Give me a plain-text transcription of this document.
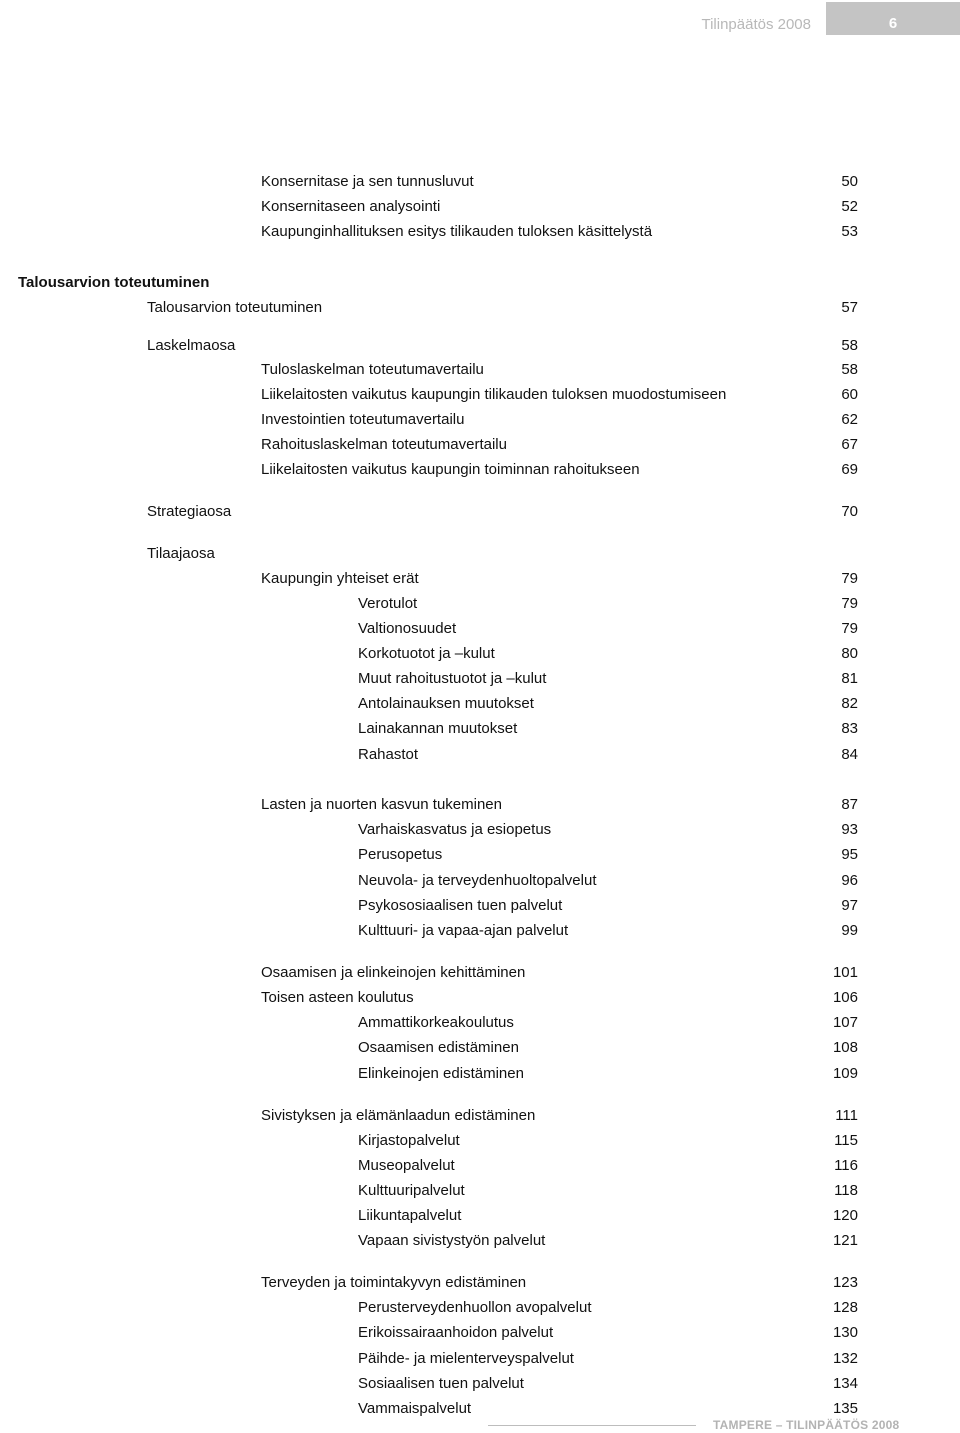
Tilinpäätös 2008	6
Talousarvion toteutuminen
Konsernitase ja sen tunnusluvut	50
Konsernitaseen analysointi	52
Kaupunginhallituksen esitys tilikauden tuloksen käsittelystä	53
Talousarvion toteutuminen	57
Laskelmaosa	58
Tuloslaskelman toteutumavertailu	58
Liikelaitosten vaikutus kaupungin tilikauden tuloksen muodostumiseen	60
Investointien toteutumavertailu	62
Rahoituslaskelman toteutumavertailu	67
Liikelaitosten vaikutus kaupungin toiminnan rahoitukseen	69
Strategiaosa	70
Tilaajaosa
Kaupungin yhteiset erät	79
Verotulot	79
Valtionosuudet	79
Korkotuotot ja –kulut	80
Muut rahoitustuotot ja –kulut	81
Antolainauksen muutokset	82
Lainakannan muutokset	83
Rahastot	84
Lasten ja nuorten kasvun tukeminen	87
Varhaiskasvatus ja esiopetus	93
Perusopetus	95
Neuvola- ja terveydenhuoltopalvelut	96
Psykososiaalisen tuen palvelut	97
Kulttuuri- ja vapaa-ajan palvelut	99
Osaamisen ja elinkeinojen kehittäminen	101
Toisen asteen koulutus	106
Ammattikorkeakoulutus	107
Osaamisen edistäminen	108
Elinkeinojen edistäminen	109
Sivistyksen ja elämänlaadun edistäminen	111
Kirjastopalvelut	115
Museopalvelut	116
Kulttuuripalvelut	118
Liikuntapalvelut	120
Vapaan sivistystyön palvelut	121
Terveyden ja toimintakyvyn edistäminen	123
Perusterveydenhuollon avopalvelut	128
Erikoissairaanhoidon palvelut	130
Päihde- ja mielenterveyspalvelut	132
Sosiaalisen tuen palvelut	134
Vammaispalvelut	135
TAMPERE – TILINPÄÄTÖS 2008
